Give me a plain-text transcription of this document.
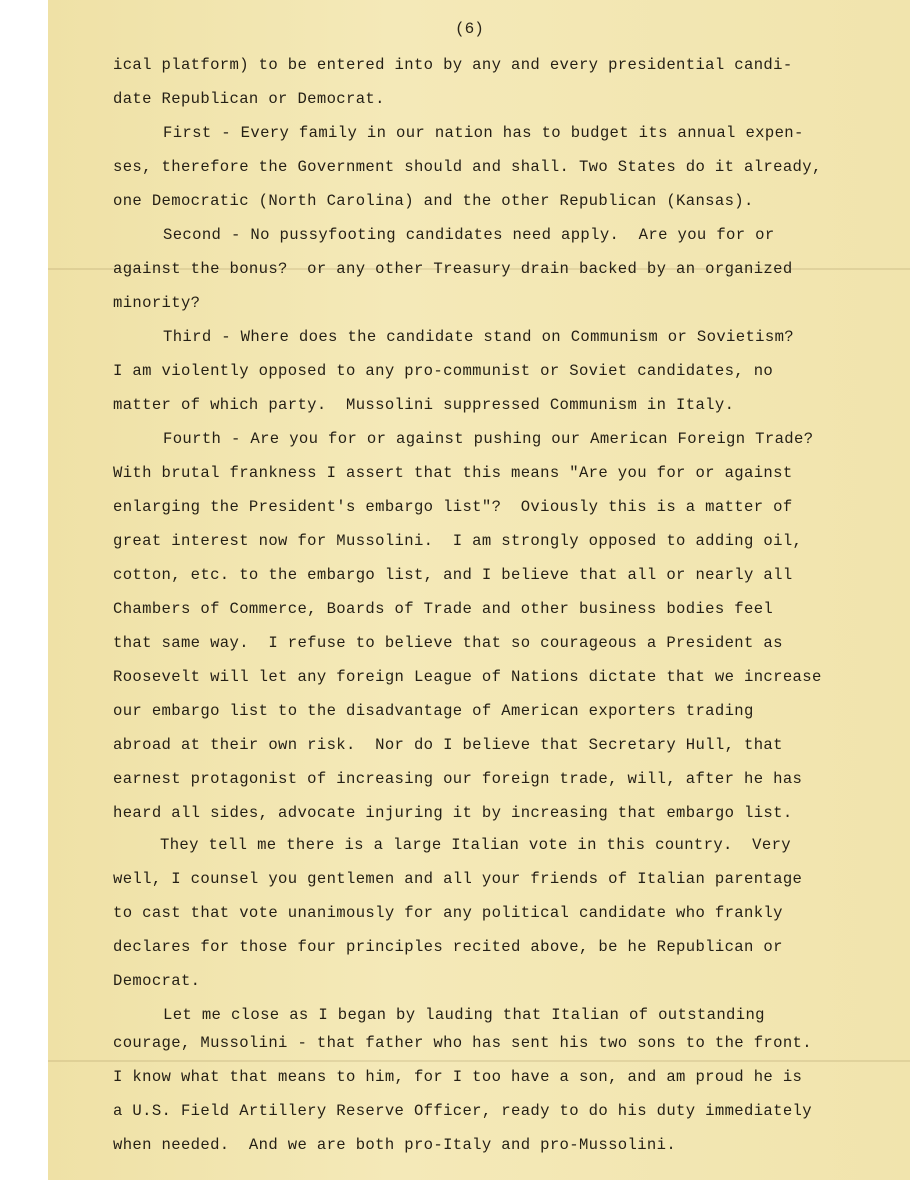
(6)
ical platform) to be entered into by any and every presidential candi-
date Republican or Democrat.
First - Every family in our nation has to budget its annual expen-
ses, therefore the Government should and shall. Two States do it already,
one Democratic (North Carolina) and the other Republican (Kansas).
Second - No pussyfooting candidates need apply.  Are you for or
against the bonus?  or any other Treasury drain backed by an organized
minority?
Third - Where does the candidate stand on Communism or Sovietism?
I am violently opposed to any pro-communist or Soviet candidates, no
matter of which party.  Mussolini suppressed Communism in Italy.
Fourth - Are you for or against pushing our American Foreign Trade?
With brutal frankness I assert that this means "Are you for or against
enlarging the President's embargo list"?  Oviously this is a matter of
great interest now for Mussolini.  I am strongly opposed to adding oil,
cotton, etc. to the embargo list, and I believe that all or nearly all
Chambers of Commerce, Boards of Trade and other business bodies feel
that same way.  I refuse to believe that so courageous a President as
Roosevelt will let any foreign League of Nations dictate that we increase
our embargo list to the disadvantage of American exporters trading
abroad at their own risk.  Nor do I believe that Secretary Hull, that
earnest protagonist of increasing our foreign trade, will, after he has
heard all sides, advocate injuring it by increasing that embargo list.
They tell me there is a large Italian vote in this country.  Very
well, I counsel you gentlemen and all your friends of Italian parentage
to cast that vote unanimously for any political candidate who frankly
declares for those four principles recited above, be he Republican or
Democrat.
Let me close as I began by lauding that Italian of outstanding
courage, Mussolini - that father who has sent his two sons to the front.
I know what that means to him, for I too have a son, and am proud he is
a U.S. Field Artillery Reserve Officer, ready to do his duty immediately
when needed.  And we are both pro-Italy and pro-Mussolini.
